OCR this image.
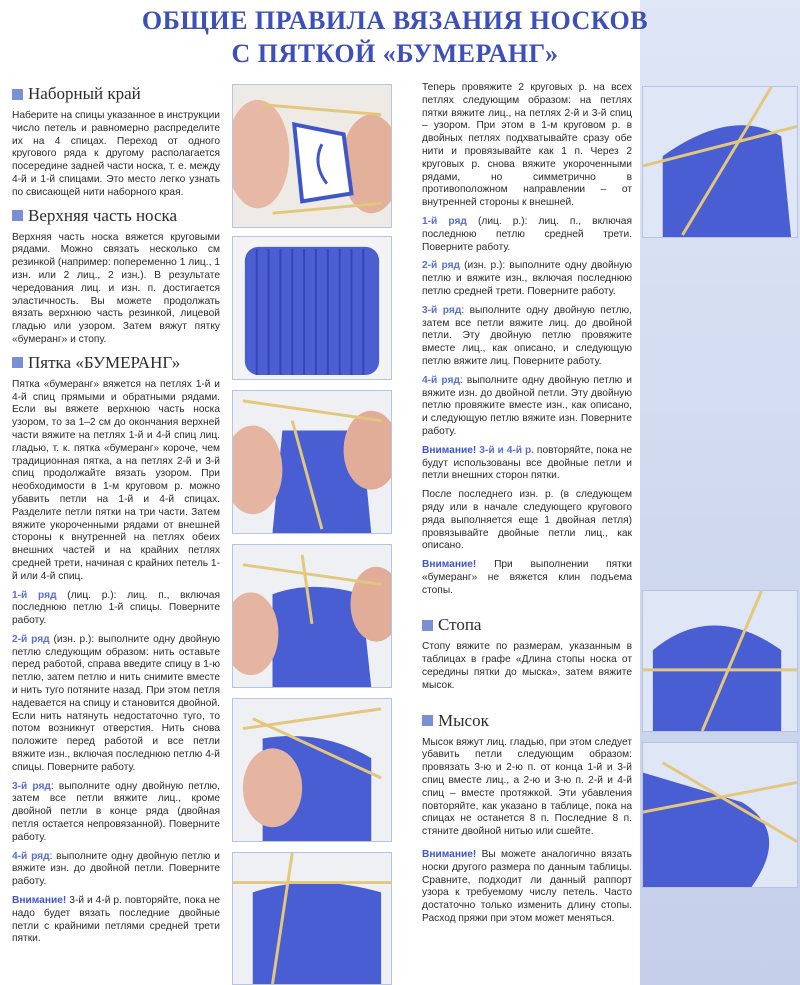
ОБЩИЕ ПРАВИЛА ВЯЗАНИЯ НОСКОВ
С ПЯТКОЙ «БУМЕРАНГ»
Наборный край

Наберите на спицы указанное в инструкции число петель и равномерно распределите их на 4 спицах. Переход от одного кругового ряда к другому располагается посередине задней части носка, т. е. между 4-й и 1-й спицами. Это место легко узнать по свисающей нити наборного края.

Верхняя часть носка

Верхняя часть носка вяжется круговыми рядами. Можно связать несколько см резинкой (например: попеременно 1 лиц., 1 изн. или 2 лиц., 2 изн.). В результате чередования лиц. и изн. п. достигается эластичность. Вы можете продолжать вязать верхнюю часть резинкой, лицевой гладью или узором. Затем вяжут пятку «бумеранг» и стопу.

Пятка «БУМЕРАНГ»

Пятка «бумеранг» вяжется на петлях 1-й и 4-й спиц прямыми и обратными рядами. Если вы вяжете верхнюю часть носка узором, то за 1–2 см до окончания верхней части вяжите на петлях 1-й и 4-й спиц лиц. гладью, т. к. пятка «бумеранг» короче, чем традиционная пятка, а на петлях 2-й и 3-й спиц продолжайте вязать узором. При необходимости в 1-м круговом р. можно убавить петли на 1-й и 4-й спицах. Разделите петли пятки на три части. Затем вяжите укороченными рядами от внешней стороны к внутренней на петлях обеих внешних частей и на крайних петлях средней трети, начиная с крайних петель 1-й или 4-й спиц.

1-й ряд (лиц. р.): лиц. п., включая последнюю петлю 1-й спицы. Поверните работу.

2-й ряд (изн. р.): выполните одну двойную петлю следующим образом: нить оставьте перед работой, справа введите спицу в 1-ю петлю, затем петлю и нить снимите вместе и нить туго потяните назад. При этом петля надевается на спицу и становится двойной. Если нить натянуть недостаточно туго, то потом возникнут отверстия. Нить снова положите перед работой и все петли вяжите изн., включая последнюю петлю 4-й спицы. Поверните работу.

3-й ряд: выполните одну двойную петлю, затем все петли вяжите лиц., кроме двойной петли в конце ряда (двойная петля остается непровязанной). Поверните работу.

4-й ряд: выполните одну двойную петлю и вяжите изн. до двойной петли. Поверните работу.

Внимание! 3-й и 4-й р. повторяйте, пока не надо будет вязать последние двойные петли с крайними петлями средней трети пятки.

Теперь провяжите 2 круговых р. на всех петлях следующим образом: на петлях пятки вяжите лиц., на петлях 2-й и 3-й спиц – узором. При этом в 1-м круговом р. в двойных петлях подхватывайте сразу обе нити и провязывайте как 1 п. Через 2 круговых р. снова вяжите укороченными рядами, но симметрично в противоположном направлении – от внутренней стороны к внешней.

1-й ряд (лиц. р.): лиц. п., включая последнюю петлю средней трети. Поверните работу.

2-й ряд (изн. р.): выполните одну двойную петлю и вяжите изн., включая последнюю петлю средней трети. Поверните работу.

3-й ряд: выполните одну двойную петлю, затем все петли вяжите лиц. до двойной петли. Эту двойную петлю провяжите вместе лиц., как описано, и следующую петлю вяжите лиц. Поверните работу.

4-й ряд: выполните одну двойную петлю и вяжите изн. до двойной петли. Эту двойную петлю провяжите вместе изн., как описано, и следующую петлю вяжите изн. Поверните работу.

Внимание! 3-й и 4-й р. повторяйте, пока не будут использованы все двойные петли и петли внешних сторон пятки.

После последнего изн. р. (в следующем ряду или в начале следующего кругового ряда выполняется еще 1 двойная петля) провязывайте двойные петли лиц., как описано.

Внимание! При выполнении пятки «бумеранг» не вяжется клин подъема стопы.

Стопа

Стопу вяжите по размерам, указанным в таблицах в графе «Длина стопы носка от середины пятки до мыска», затем вяжите мысок.

Мысок

Мысок вяжут лиц. гладью, при этом следует убавить петли следующим образом: провязать 3-ю и 2-ю п. от конца 1-й и 3-й спиц вместе лиц., а 2-ю и 3-ю п. 2-й и 4-й спиц – вместе протяжкой. Эти убавления повторяйте, как указано в таблице, пока на спицах не останется 8 п. Последние 8 п. стяните двойной нитью или сшейте.

Внимание! Вы можете аналогично вязать носки другого размера по данным таблицы. Сравните, подходит ли данный раппорт узора к требуемому числу петель. Часто достаточно только изменить длину стопы. Расход пряжи при этом может меняться.
